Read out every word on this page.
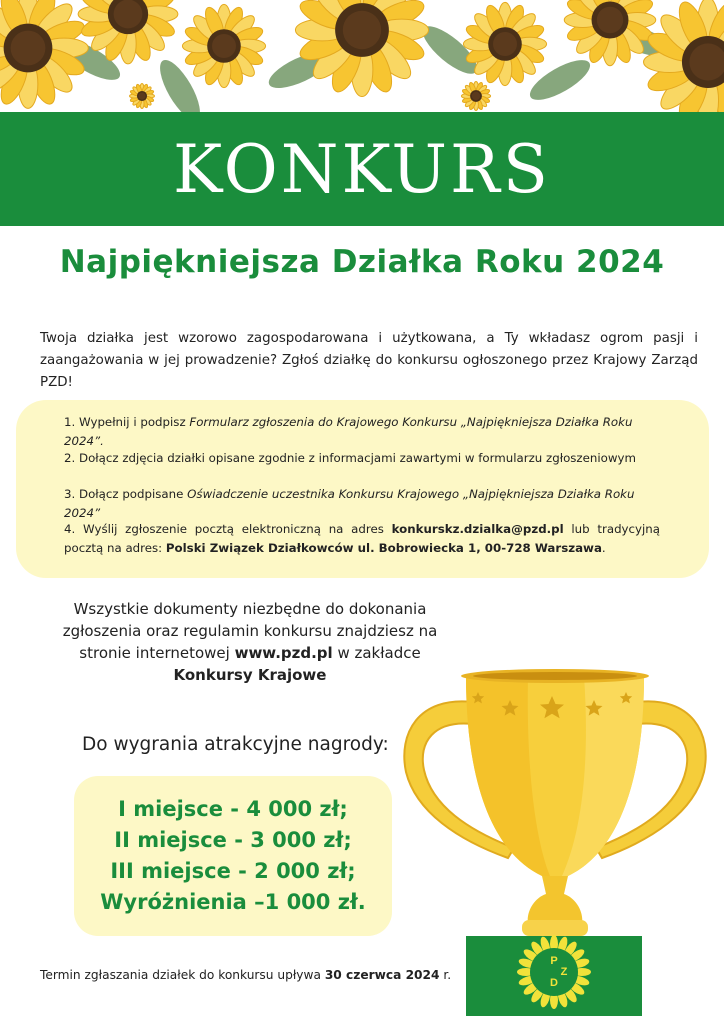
KONKURS
Najpiękniejsza Działka Roku 2024

Twoja działka jest wzorowo zagospodarowana i użytkowana, a Ty wkładasz ogrom pasji i zaangażowania w jej prowadzenie? Zgłoś działkę do konkursu ogłoszonego przez Krajowy Zarząd PZD!

1. Wypełnij i podpisz Formularz zgłoszenia do Krajowego Konkursu „Najpiękniejsza Działka Roku 2024”.
2. Dołącz zdjęcia działki opisane zgodnie z informacjami zawartymi w formularzu zgłoszeniowym
3. Dołącz podpisane Oświadczenie uczestnika Konkursu Krajowego „Najpiękniejsza Działka Roku 2024”
4. Wyślij zgłoszenie pocztą elektroniczną na adres konkurskz.dzialka@pzd.pl lub tradycyjną pocztą na adres: Polski Związek Działkowców ul. Bobrowiecka 1, 00-728 Warszawa.
Wszystkie dokumenty niezbędne do dokonania zgłoszenia oraz regulamin konkursu znajdziesz na stronie internetowej www.pzd.pl w zakładce Konkursy Krajowe
Do wygrania atrakcyjne nagrody:
I miejsce - 4 000 zł;
II miejsce - 3 000 zł;
III miejsce - 2 000 zł;
Wyróżnienia –1 000 zł.
P
Z
D
Termin zgłaszania działek do konkursu upływa 30 czerwca 2024 r.
